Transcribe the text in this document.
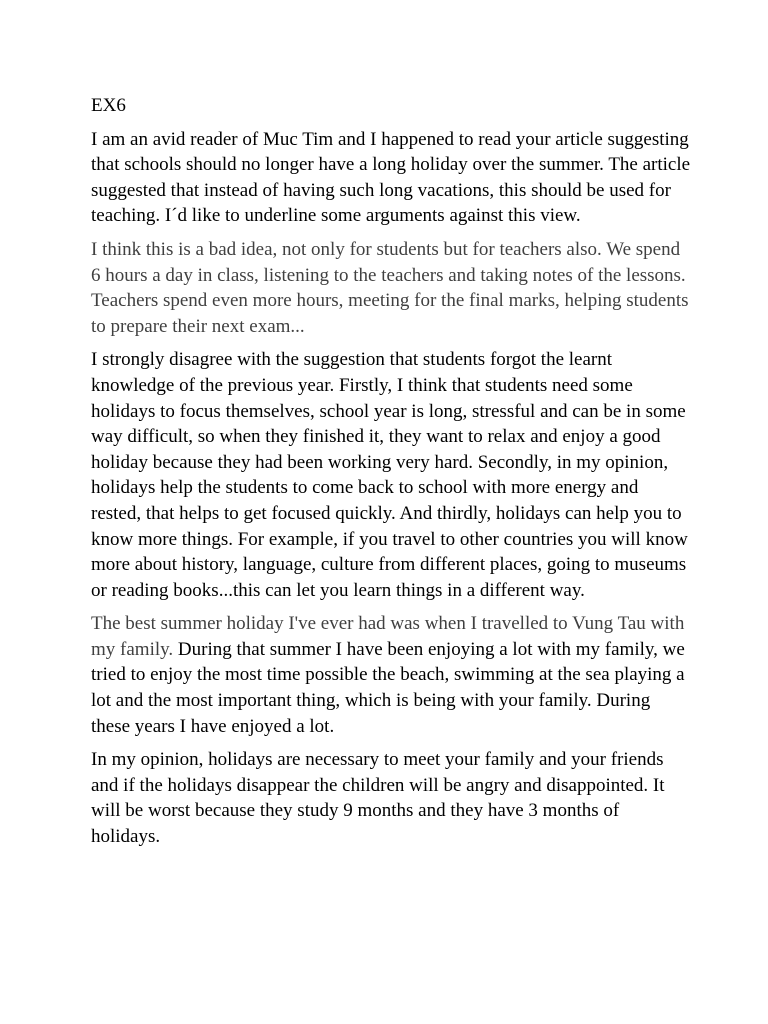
EX6

I am an avid reader of Muc Tim and I happened to read your article suggesting that schools should no longer have a long holiday over the summer. The article suggested that instead of having such long vacations, this should be used for teaching. I´d like to underline some arguments against this view.

I think this is a bad idea, not only for students but for teachers also. We spend 6 hours a day in class, listening to the teachers and taking notes of the lessons. Teachers spend even more hours, meeting for the final marks, helping students to prepare their next exam...

I strongly disagree with the suggestion that students forgot the learnt knowledge of the previous year. Firstly, I think that students need some holidays to focus themselves, school year is long, stressful and can be in some way difficult, so when they finished it, they want to relax and enjoy a good holiday because they had been working very hard. Secondly, in my opinion, holidays help the students to come back to school with more energy and rested, that helps to get focused quickly. And thirdly, holidays can help you to know more things. For example, if you travel to other countries you will know more about history, language, culture from different places, going to museums or reading books...this can let you learn things in a different way.

The best summer holiday I've ever had was when I travelled to Vung Tau with my family. During that summer I have been enjoying a lot with my family, we tried to enjoy the most time possible the beach, swimming at the sea playing a lot and the most important thing, which is being with your family. During these years I have enjoyed a lot.

In my opinion, holidays are necessary to meet your family and your friends and if the holidays disappear the children will be angry and disappointed. It will be worst because they study 9 months and they have 3 months of holidays.
